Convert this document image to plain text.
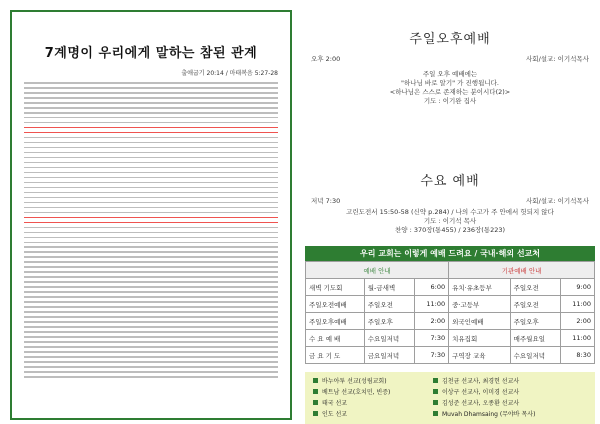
7계명이 우리에게 말하는 참된 관계
출애굽기 20:14 / 마태복음 5:27-28
주일오후예배
오후 2:00	사회/설교: 이기석목사
주일 오후 예배에는
"하나님 바로 알기" 가 진행됩니다.
<하나님은 스스로 존재하는 분이시다(2)>
기도 : 이기완 집사
수요 예배
저녁 7:30	사회/설교: 이기석목사
고린도전서 15:50-58 (신약 p.284) / 나의 수고가 주 안에서 헛되지 않다
기도 : 이기석 목사
찬양 : 370장(통455) / 236장(통223)
우리 교회는 이렇게 예배 드려요 / 국내·해외 선교처
예배 안내			기관예배 안내		
새벽 기도회	월-금새벽	6:00	유치·유초등부	주일오전	9:00
주일오전예배	주일오전	11:00	중·고등부	주일오전	11:00
주일오후예배	주일오후	2:00	외국인예배	주일오후	2:00
수 요 예 배	수요일저녁	7:30	치유집회	매주월요일	11:00
금 요 기 도	금요일저녁	7:30	구역장 교육	수요일저녁	8:30
바누아투 선교(성림교회)	김천균 선교사, 최경헌 선교사
베트남 선교(호치민, 빈증)	이상구 선교사, 이미경 선교사
태국 선교	김성준 선교사, 오종환 선교사
인도 선교	Muvah Dhamsaing (무야바 목사)
